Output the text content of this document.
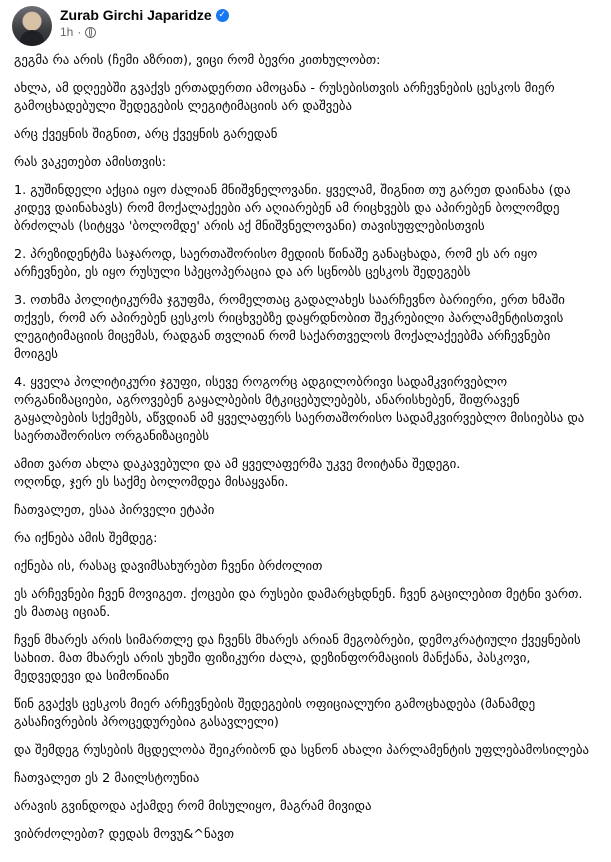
Zurab Girchi Japaridze ✓
1h ·

გეგმა რა არის (ჩემი აზრით), ვიცი რომ ბევრი კითხულობთ:

ახლა, ამ დღეებში გვაქვს ერთადერთი ამოცანა - რუსებისთვის არჩევნების ცესკოს მიერ გამოცხადებული შედეგების ლეგიტიმაციის არ დაშვება

არც ქვეყნის შიგნით, არც ქვეყნის გარედან

რას ვაკეთებთ ამისთვის:

1. გუშინდელი აქცია იყო ძალიან მნიშვნელოვანი. ყველამ, შიგნით თუ გარეთ დაინახა (და კიდევ დაინახავს) რომ მოქალაქეები არ აღიარებენ ამ რიცხვებს და აპირებენ ბოლომდე ბრძოლას (სიტყვა 'ბოლომდე' არის აქ მნიშვნელოვანი) თავისუფლებისთვის

2. პრეზიდენტმა საჯაროდ, საერთაშორისო მედიის წინაშე განაცხადა, რომ ეს არ იყო არჩევნები, ეს იყო რუსული სპეცოპერაცია და არ სცნობს ცესკოს შედეგებს

3. ოთხმა პოლიტიკურმა ჯგუფმა, რომელთაც გადალახეს საარჩევნო ბარიერი, ერთ ხმაში თქვეს, რომ არ აპირებენ ცესკოს რიცხვებზე დაყრდნობით შეკრებილი პარლამენტისთვის ლეგიტიმაციის მიცემას, რადგან თვლიან რომ საქართველოს მოქალაქეებმა არჩევნები მოიგეს

4. ყველა პოლიტიკური ჯგუფი, ისევე როგორც ადგილობრივი სადამკვირვებლო ორგანიზაციები, აგროვებენ გაყალბების მტკიცებულებებს, ანარისხებენ, შიფრავენ გაყალბების სქემებს, აწვდიან ამ ყველაფერს საერთაშორისო სადამკვირვებლო მისიებსა და საერთაშორისო ორგანიზაციებს

ამით ვართ ახლა დაკავებული და ამ ყველაფერმა უკვე მოიტანა შედეგი.
ოღონდ, ჯერ ეს საქმე ბოლომდეა მისაყვანი.

ჩათვალეთ, ესაა პირველი ეტაპი

რა იქნება ამის შემდეგ:

იქნება ის, რასაც დავიმსახურებთ ჩვენი ბრძოლით

ეს არჩევნები ჩვენ მოვიგეთ. ქოცები და რუსები დამარცხდნენ. ჩვენ გაცილებით მეტნი ვართ. ეს მათაც იციან.

ჩვენ მხარეს არის სიმართლე და ჩვენს მხარეს არიან მეგობრები, დემოკრატიული ქვეყნების სახით. მათ მხარეს არის უხეში ფიზიკური ძალა, დეზინფორმაციის მანქანა, პასკოვი, მედვედევი და სიმონიანი

წინ გვაქვს ცესკოს მიერ არჩევნების შედეგების ოფიციალური გამოცხადება (მანამდე გასაჩივრების პროცედურებია გასავლელი)

და შემდეგ რუსების მცდელობა შეიკრიბონ და სცნონ ახალი პარლამენტის უფლებამოსილება

ჩათვალეთ ეს 2 მაილსტოუნია

არავის გვინდოდა აქამდე რომ მისულიყო, მაგრამ მივიდა

ვიბრძოლებთ? დედას მოვუ&^ნავთ
